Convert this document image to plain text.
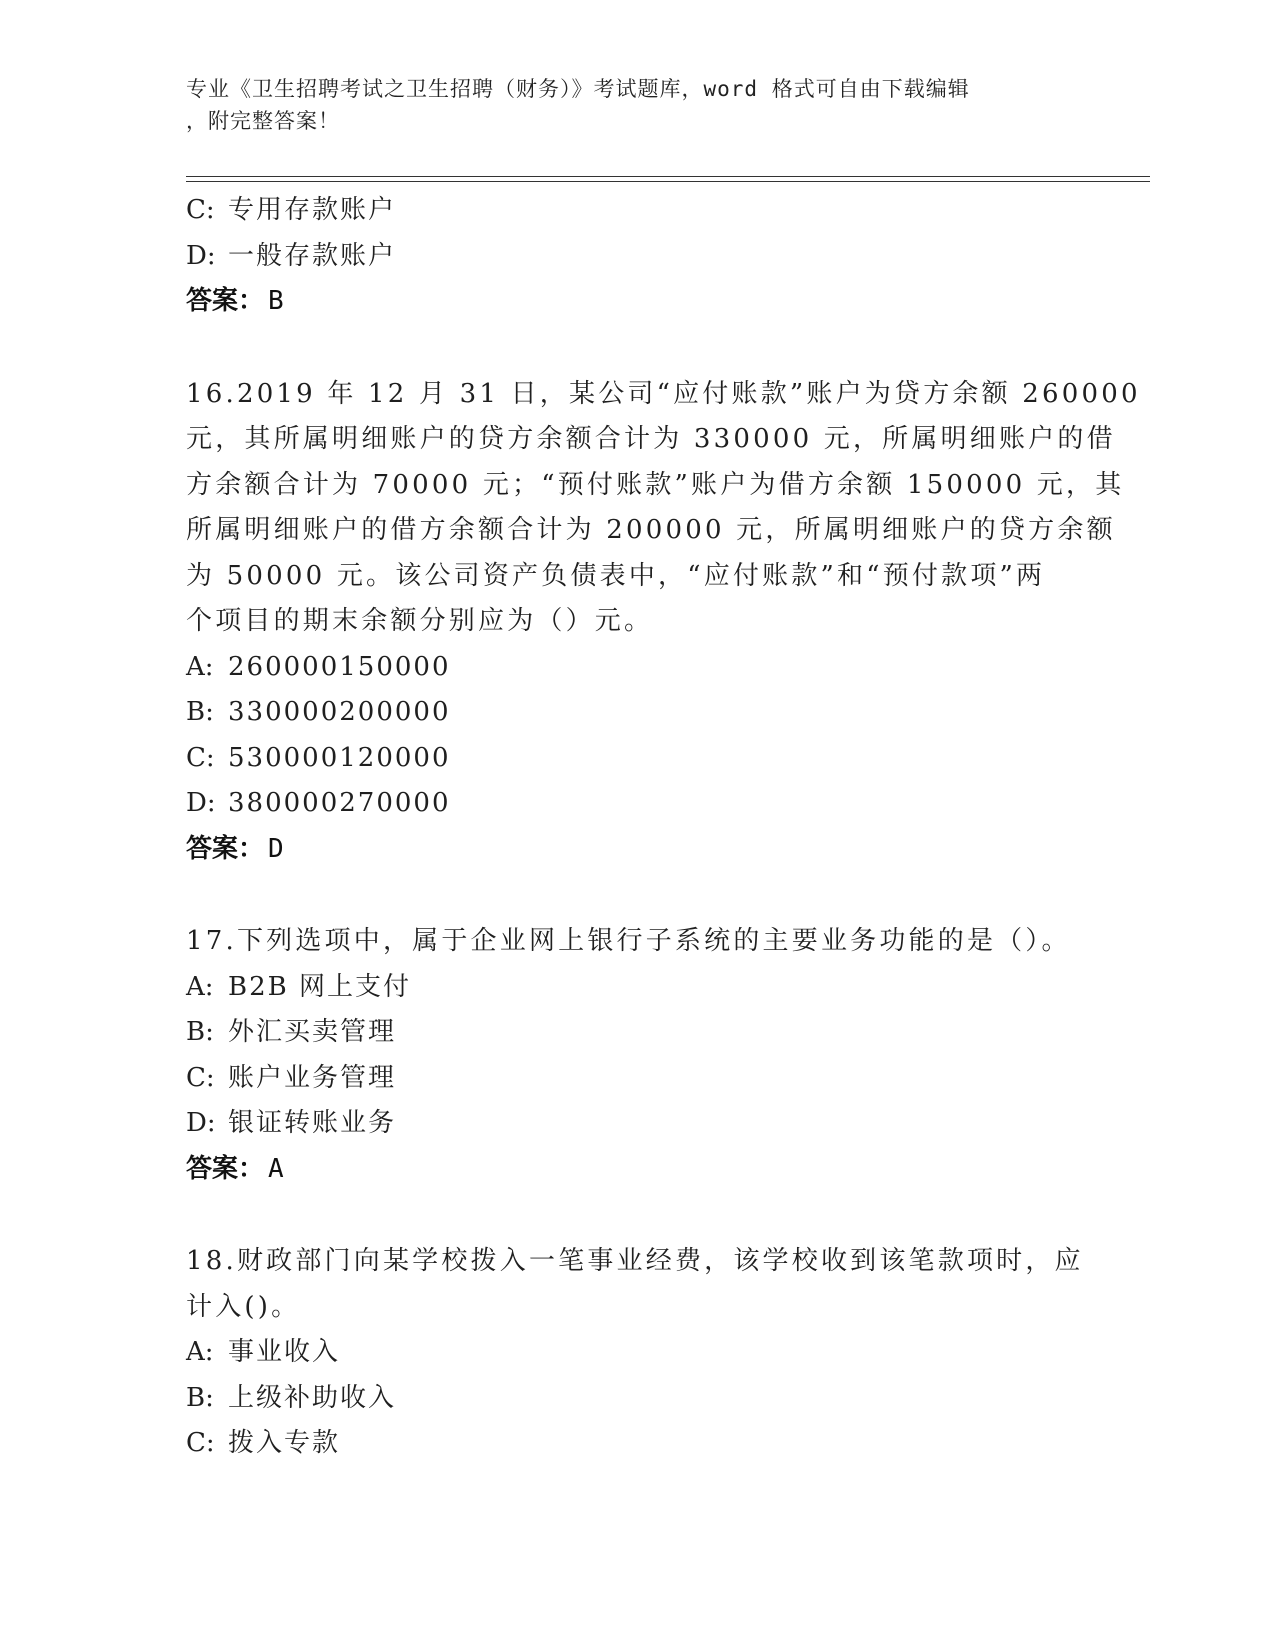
专业《卫生招聘考试之卫生招聘（财务）》考试题库，word 格式可自由下载编辑
，附完整答案！
C: 专用存款账户
D: 一般存款账户
答案： B
16.2019 年 12 月 31 日，某公司“应付账款”账户为贷方余额 260000
元，其所属明细账户的贷方余额合计为 330000 元，所属明细账户的借
方余额合计为 70000 元；“预付账款”账户为借方余额 150000 元，其
所属明细账户的借方余额合计为 200000 元，所属明细账户的贷方余额
为 50000 元。该公司资产负债表中，“应付账款”和“预付款项”两
个项目的期末余额分别应为（）元。
A: 260000150000
B: 330000200000
C: 530000120000
D: 380000270000
答案： D
17.下列选项中，属于企业网上银行子系统的主要业务功能的是（）。
A: B2B 网上支付
B: 外汇买卖管理
C: 账户业务管理
D: 银证转账业务
答案： A
18.财政部门向某学校拨入一笔事业经费，该学校收到该笔款项时，应
计入()。
A: 事业收入
B: 上级补助收入
C: 拨入专款
